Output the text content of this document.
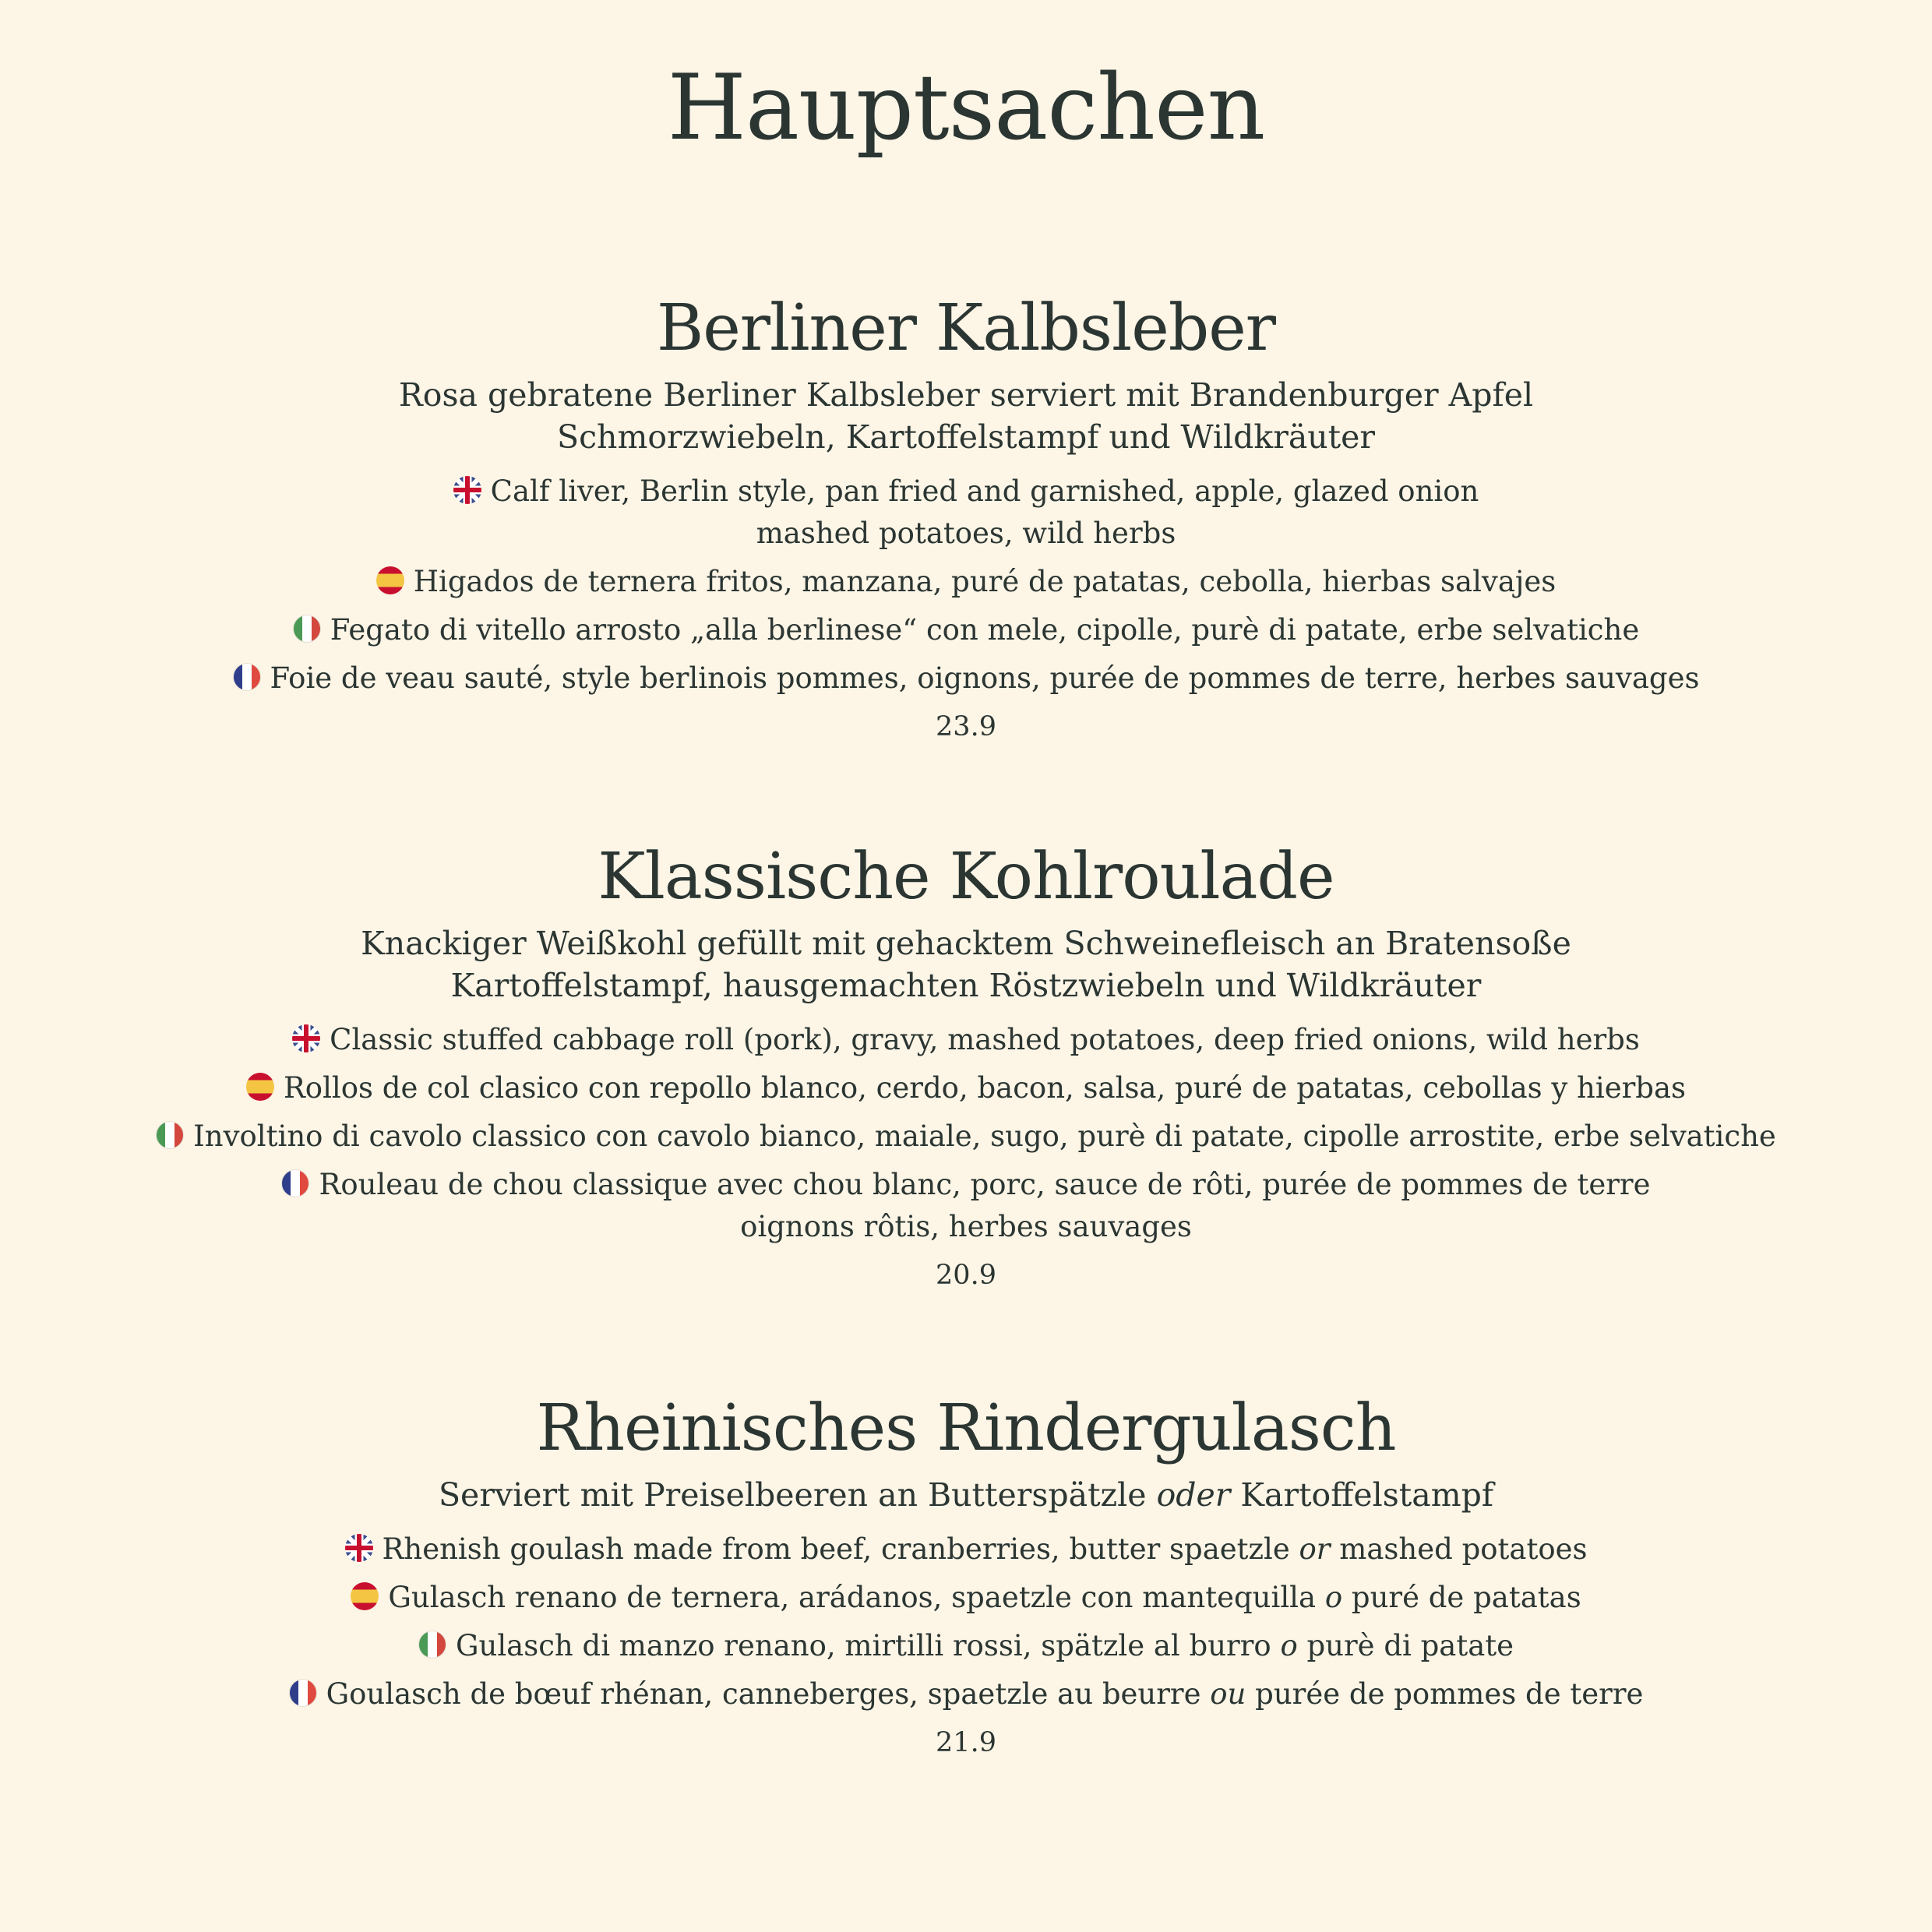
Hauptsachen
Berliner Kalbsleber
Rosa gebratene Berliner Kalbsleber serviert mit Brandenburger Apfel
Schmorzwiebeln, Kartoffelstampf und Wildkräuter
Calf liver, Berlin style, pan fried and garnished, apple, glazed onion
mashed potatoes, wild herbs
Higados de ternera fritos, manzana, puré de patatas, cebolla, hierbas salvajes
Fegato di vitello arrosto „alla berlinese“ con mele, cipolle, purè di patate, erbe selvatiche
Foie de veau sauté, style berlinois pommes, oignons, purée de pommes de terre, herbes sauvages
23.9
Klassische Kohlroulade
Knackiger Weißkohl gefüllt mit gehacktem Schweinefleisch an Bratensoße
Kartoffelstampf, hausgemachten Röstzwiebeln und Wildkräuter
Classic stuffed cabbage roll (pork), gravy, mashed potatoes, deep fried onions, wild herbs
Rollos de col clasico con repollo blanco, cerdo, bacon, salsa, puré de patatas, cebollas y hierbas
Involtino di cavolo classico con cavolo bianco, maiale, sugo, purè di patate, cipolle arrostite, erbe selvatiche
Rouleau de chou classique avec chou blanc, porc, sauce de rôti, purée de pommes de terre
oignons rôtis, herbes sauvages
20.9
Rheinisches Rindergulasch
Serviert mit Preiselbeeren an Butterspätzle oder Kartoffelstampf
Rhenish goulash made from beef, cranberries, butter spaetzle or mashed potatoes
Gulasch renano de ternera, arádanos, spaetzle con mantequilla o puré de patatas
Gulasch di manzo renano, mirtilli rossi, spätzle al burro o purè di patate
Goulasch de bœuf rhénan, canneberges, spaetzle au beurre ou purée de pommes de terre
21.9
